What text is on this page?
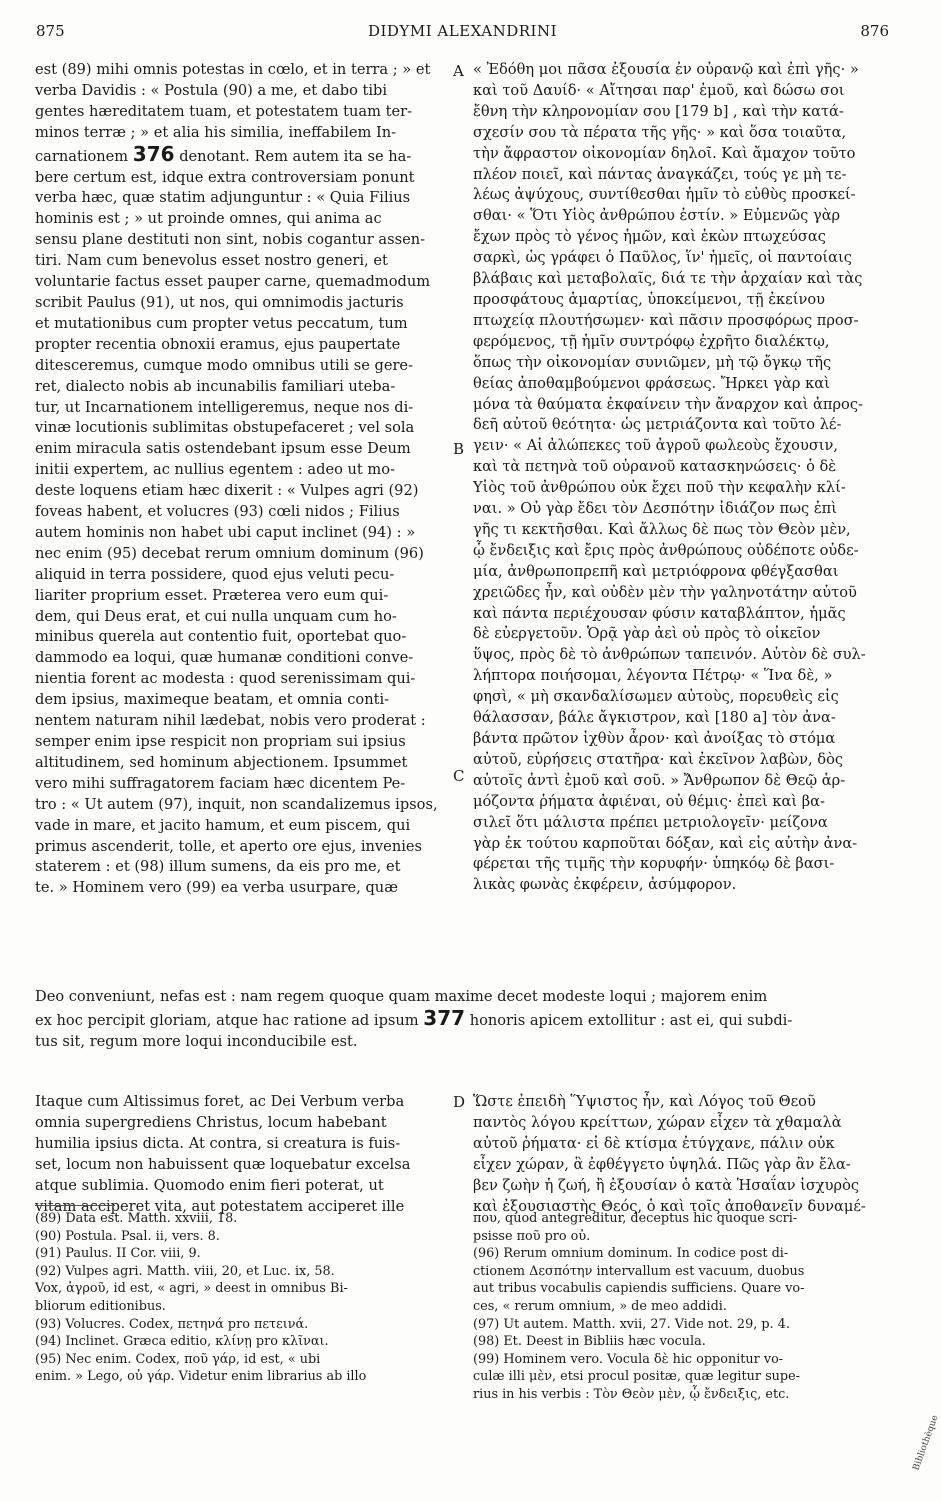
875	DIDYMI ALEXANDRINI	876
A
B
C
D
est (89) mihi omnis potestas in cœlo, et in terra ; » et
verba Davidis : « Postula (90) a me, et dabo tibi
gentes hæreditatem tuam, et potestatem tuam ter-
minos terræ ; » et alia his similia, ineffabilem In-
carnationem 376 denotant. Rem autem ita se ha-
bere certum est, idque extra controversiam ponunt
verba hæc, quæ statim adjunguntur : « Quia Filius
hominis est ; » ut proinde omnes, qui anima ac
sensu plane destituti non sint, nobis cogantur assen-
tiri. Nam cum benevolus esset nostro generi, et
voluntarie factus esset pauper carne, quemadmodum
scribit Paulus (91), ut nos, qui omnimodis jacturis
et mutationibus cum propter vetus peccatum, tum
propter recentia obnoxii eramus, ejus paupertate
ditesceremus, cumque modo omnibus utili se gere-
ret, dialecto nobis ab incunabilis familiari uteba-
tur, ut Incarnationem intelligeremus, neque nos di-
vinæ locutionis sublimitas obstupefaceret ; vel sola
enim miracula satis ostendebant ipsum esse Deum
initii expertem, ac nullius egentem : adeo ut mo-
deste loquens etiam hæc dixerit : « Vulpes agri (92)
foveas habent, et volucres (93) cœli nidos ; Filius
autem hominis non habet ubi caput inclinet (94) : »
nec enim (95) decebat rerum omnium dominum (96)
aliquid in terra possidere, quod ejus veluti pecu-
liariter proprium esset. Præterea vero eum qui-
dem, qui Deus erat, et cui nulla unquam cum ho-
minibus querela aut contentio fuit, oportebat quo-
dammodo ea loqui, quæ humanæ conditioni conve-
nientia forent ac modesta : quod serenissimam qui-
dem ipsius, maximeque beatam, et omnia conti-
nentem naturam nihil lædebat, nobis vero proderat :
semper enim ipse respicit non propriam sui ipsius
altitudinem, sed hominum abjectionem. Ipsummet
vero mihi suffragatorem faciam hæc dicentem Pe-
tro : « Ut autem (97), inquit, non scandalizemus ipsos,
vade in mare, et jacito hamum, et eum piscem, qui
primus ascenderit, tolle, et aperto ore ejus, invenies
staterem : et (98) illum sumens, da eis pro me, et
te. » Hominem vero (99) ea verba usurpare, quæ
« Ἐδόθη μοι πᾶσα ἐξουσία ἐν οὐρανῷ καὶ ἐπὶ γῆς· »
καὶ τοῦ Δαυίδ· « Αἴτησαι παρ' ἐμοῦ, καὶ δώσω σοι
ἔθνη τὴν κληρονομίαν σου [179 b] , καὶ τὴν κατά-
σχεσίν σου τὰ πέρατα τῆς γῆς· » καὶ ὅσα τοιαῦτα,
τὴν ἄφραστον οἰκονομίαν δηλοῖ. Καὶ ἄμαχον τοῦτο
πλέον ποιεῖ, καὶ πάντας ἀναγκάζει, τούς γε μὴ τε-
λέως ἀψύχους, συντίθεσθαι ἡμῖν τὸ εὐθὺς προσκεί-
σθαι· « Ὅτι Υἱὸς ἀνθρώπου ἐστίν. » Εὐμενῶς γὰρ
ἔχων πρὸς τὸ γένος ἡμῶν, καὶ ἑκὼν πτωχεύσας
σαρκὶ, ὡς γράφει ὁ Παῦλος, ἵν' ἡμεῖς, οἱ παντοίαις
βλάβαις καὶ μεταβολαῖς, διά τε τὴν ἀρχαίαν καὶ τὰς
προσφάτους ἁμαρτίας, ὑποκείμενοι, τῇ ἐκείνου
πτωχείᾳ πλουτήσωμεν· καὶ πᾶσιν προσφόρως προσ-
φερόμενος, τῇ ἡμῖν συντρόφῳ ἐχρῆτο διαλέκτῳ,
ὅπως τὴν οἰκονομίαν συνιῶμεν, μὴ τῷ ὄγκῳ τῆς
θείας ἀποθαμβούμενοι φράσεως. Ἤρκει γὰρ καὶ
μόνα τὰ θαύματα ἐκφαίνειν τὴν ἄναρχον καὶ ἀπρος-
δεῆ αὐτοῦ θεότητα· ὡς μετριάζοντα καὶ τοῦτο λέ-
γειν· « Αἱ ἀλώπεκες τοῦ ἀγροῦ φωλεοὺς ἔχουσιν,
καὶ τὰ πετηνὰ τοῦ οὐρανοῦ κατασκηνώσεις· ὁ δὲ
Υἱὸς τοῦ ἀνθρώπου οὐκ ἔχει ποῦ τὴν κεφαλὴν κλί-
ναι. » Οὐ γὰρ ἔδει τὸν Δεσπότην ἰδιάζον πως ἐπὶ
γῆς τι κεκτῆσθαι. Καὶ ἄλλως δὲ πως τὸν Θεὸν μὲν,
ᾧ ἔνδειξις καὶ ἔρις πρὸς ἀνθρώπους οὐδέποτε οὐδε-
μία, ἀνθρωποπρεπῆ καὶ μετριόφρονα φθέγξασθαι
χρειῶδες ἦν, καὶ οὐδὲν μὲν τὴν γαληνοτάτην αὐτοῦ
καὶ πάντα περιέχουσαν φύσιν καταβλάπτον, ἡμᾶς
δὲ εὐεργετοῦν. Ὁρᾷ γὰρ ἀεὶ οὐ πρὸς τὸ οἰκεῖον
ὕψος, πρὸς δὲ τὸ ἀνθρώπων ταπεινόν. Αὐτὸν δὲ συλ-
λήπτορα ποιήσομαι, λέγοντα Πέτρῳ· « Ἵνα δὲ, »
φησὶ, « μὴ σκανδαλίσωμεν αὐτοὺς, πορευθεὶς εἰς
θάλασσαν, βάλε ἄγκιστρον, καὶ [180 a] τὸν ἀνα-
βάντα πρῶτον ἰχθὺν ἆρον· καὶ ἀνοίξας τὸ στόμα
αὐτοῦ, εὑρήσεις στατῆρα· καὶ ἐκεῖνον λαβὼν, δὸς
αὐτοῖς ἀντὶ ἐμοῦ καὶ σοῦ. » Ἄνθρωπον δὲ Θεῷ ἁρ-
μόζοντα ῥήματα ἀφιέναι, οὐ θέμις· ἐπεὶ καὶ βα-
σιλεῖ ὅτι μάλιστα πρέπει μετριολογεῖν· μείζονα
γὰρ ἐκ τούτου καρποῦται δόξαν, καὶ εἰς αὐτὴν ἀνα-
φέρεται τῆς τιμῆς τὴν κορυφήν· ὑπηκόῳ δὲ βασι-
λικὰς φωνὰς ἐκφέρειν, ἀσύμφορον.
Deo conveniunt, nefas est : nam regem quoque quam maxime decet modeste loqui ; majorem enim
ex hoc percipit gloriam, atque hac ratione ad ipsum 377 honoris apicem extollitur : ast ei, qui subdi-
tus sit, regum more loqui inconducibile est.
Itaque cum Altissimus foret, ac Dei Verbum verba
omnia supergrediens Christus, locum habebant
humilia ipsius dicta. At contra, si creatura is fuis-
set, locum non habuissent quæ loquebatur excelsa
atque sublimia. Quomodo enim fieri poterat, ut
vitam acciperet vita, aut potestatem acciperet ille
Ὥστε ἐπειδὴ Ὕψιστος ἦν, καὶ Λόγος τοῦ Θεοῦ
παντὸς λόγου κρείττων, χώραν εἶχεν τὰ χθαμαλὰ
αὐτοῦ ῥήματα· εἰ δὲ κτίσμα ἐτύγχανε, πάλιν οὐκ
εἶχεν χώραν, ἃ ἐφθέγγετο ὑψηλά. Πῶς γὰρ ἂν ἔλα-
βεν ζωὴν ἡ ζωή, ἢ ἐξουσίαν ὁ κατὰ Ἡσαΐαν ἰσχυρὸς
καὶ ἐξουσιαστὴς Θεός, ὁ καὶ τοῖς ἀποθανεῖν δυναμέ-
(89) Data est. Matth. xxviii, 18.
(90) Postula. Psal. ii, vers. 8.
(91) Paulus. II Cor. viii, 9.
(92) Vulpes agri. Matth. viii, 20, et Luc. ix, 58.
Vox, ἀγροῦ, id est, « agri, » deest in omnibus Bi-
bliorum editionibus.
(93) Volucres. Codex, πετηνά pro πετεινά.
(94) Inclinet. Græca editio, κλίνῃ pro κλῖναι.
(95) Nec enim. Codex, ποῦ γάρ, id est, « ubi
enim. » Lego, οὐ γάρ. Videtur enim librarius ab illo
που, quod antegreditur, deceptus hic quoque scri-
psisse ποῦ pro οὐ.
(96) Rerum omnium dominum. In codice post di-
ctionem Δεσπότην intervallum est vacuum, duobus
aut tribus vocabulis capiendis sufficiens. Quare vo-
ces, « rerum omnium, » de meo addidi.
(97) Ut autem. Matth. xvii, 27. Vide not. 29, p. 4.
(98) Et. Deest in Bibliis hæc vocula.
(99) Hominem vero. Vocula δὲ hic opponitur vo-
culæ illi μὲν, etsi procul positæ, quæ legitur supe-
rius in his verbis : Τὸν Θεὸν μὲν, ᾧ ἔνδειξις, etc.
Bibliothèque
